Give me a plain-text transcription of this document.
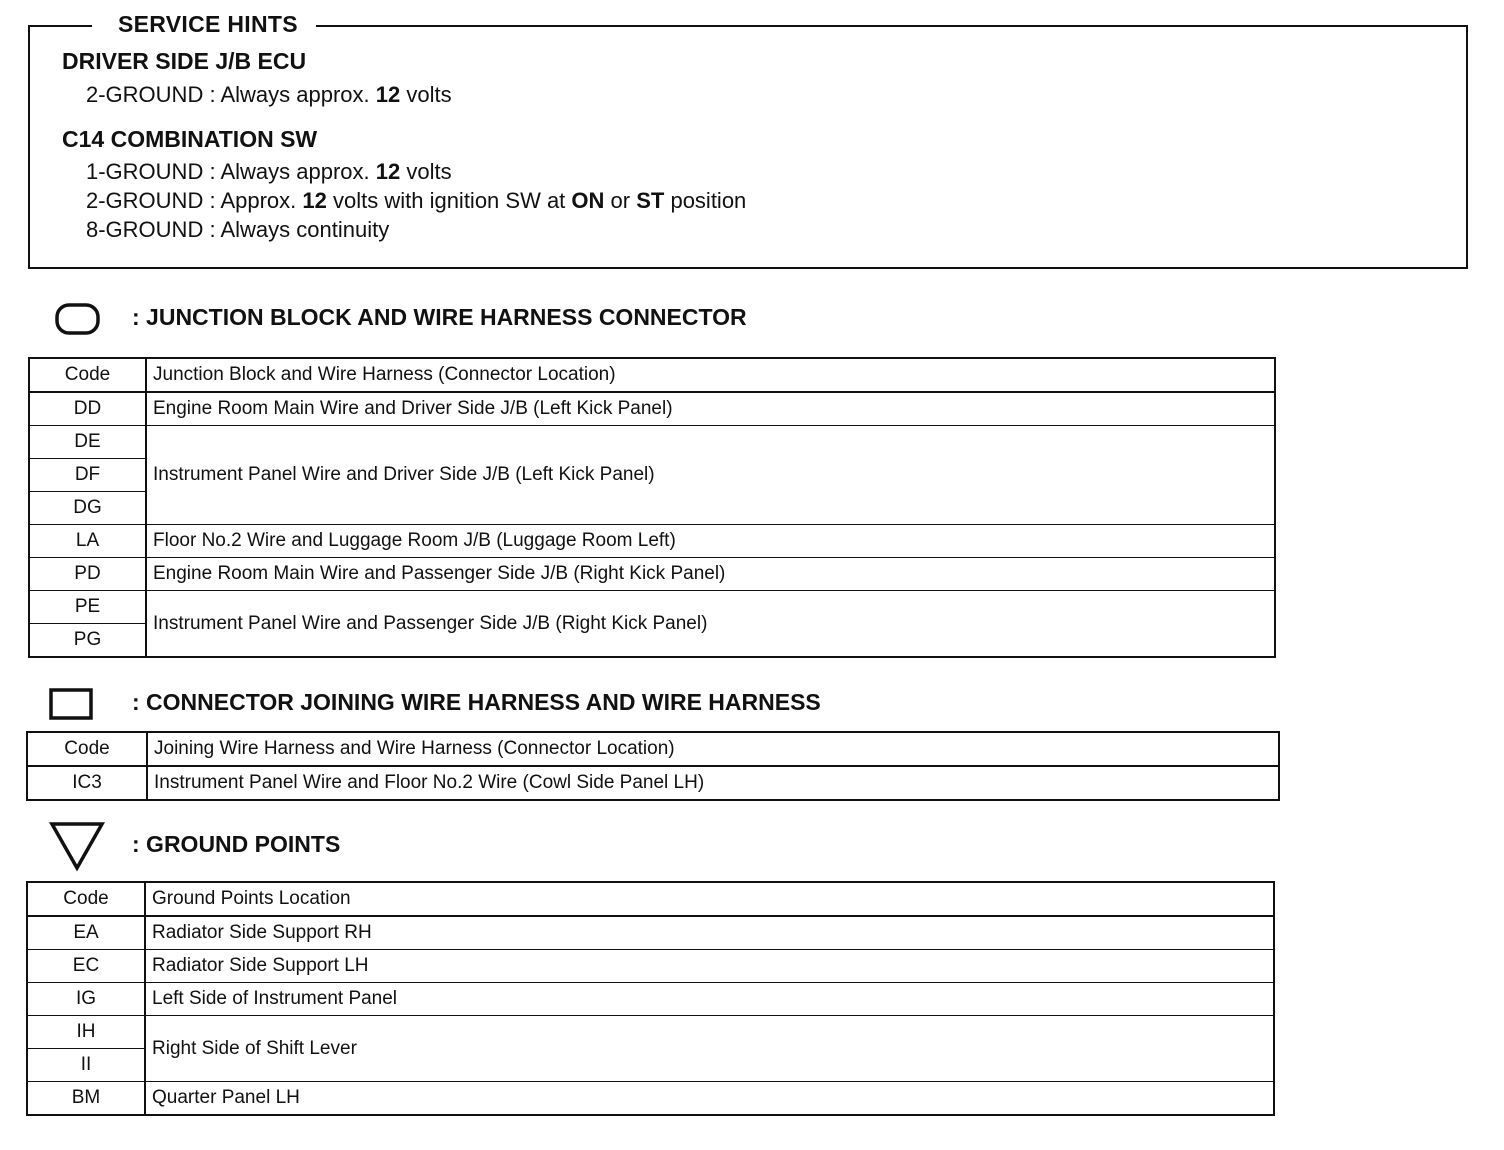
SERVICE HINTS
DRIVER SIDE J/B ECU
2-GROUND : Always approx. 12 volts
C14 COMBINATION SW
1-GROUND : Always approx. 12 volts
2-GROUND : Approx. 12 volts with ignition SW at ON or ST position
8-GROUND : Always continuity
: JUNCTION BLOCK AND WIRE HARNESS CONNECTOR
Code	Junction Block and Wire Harness (Connector Location)
DD	Engine Room Main Wire and Driver Side J/B (Left Kick Panel)
DE	Instrument Panel Wire and Driver Side J/B (Left Kick Panel)
DF	
DG	
LA	Floor No.2 Wire and Luggage Room J/B (Luggage Room Left)
PD	Engine Room Main Wire and Passenger Side J/B (Right Kick Panel)
PE	Instrument Panel Wire and Passenger Side J/B (Right Kick Panel)
PG	
: CONNECTOR JOINING WIRE HARNESS AND WIRE HARNESS
Code	Joining Wire Harness and Wire Harness (Connector Location)
IC3	Instrument Panel Wire and Floor No.2 Wire (Cowl Side Panel LH)
: GROUND POINTS
Code	Ground Points Location
EA	Radiator Side Support RH
EC	Radiator Side Support LH
IG	Left Side of Instrument Panel
IH	Right Side of Shift Lever
II	
BM	Quarter Panel LH
